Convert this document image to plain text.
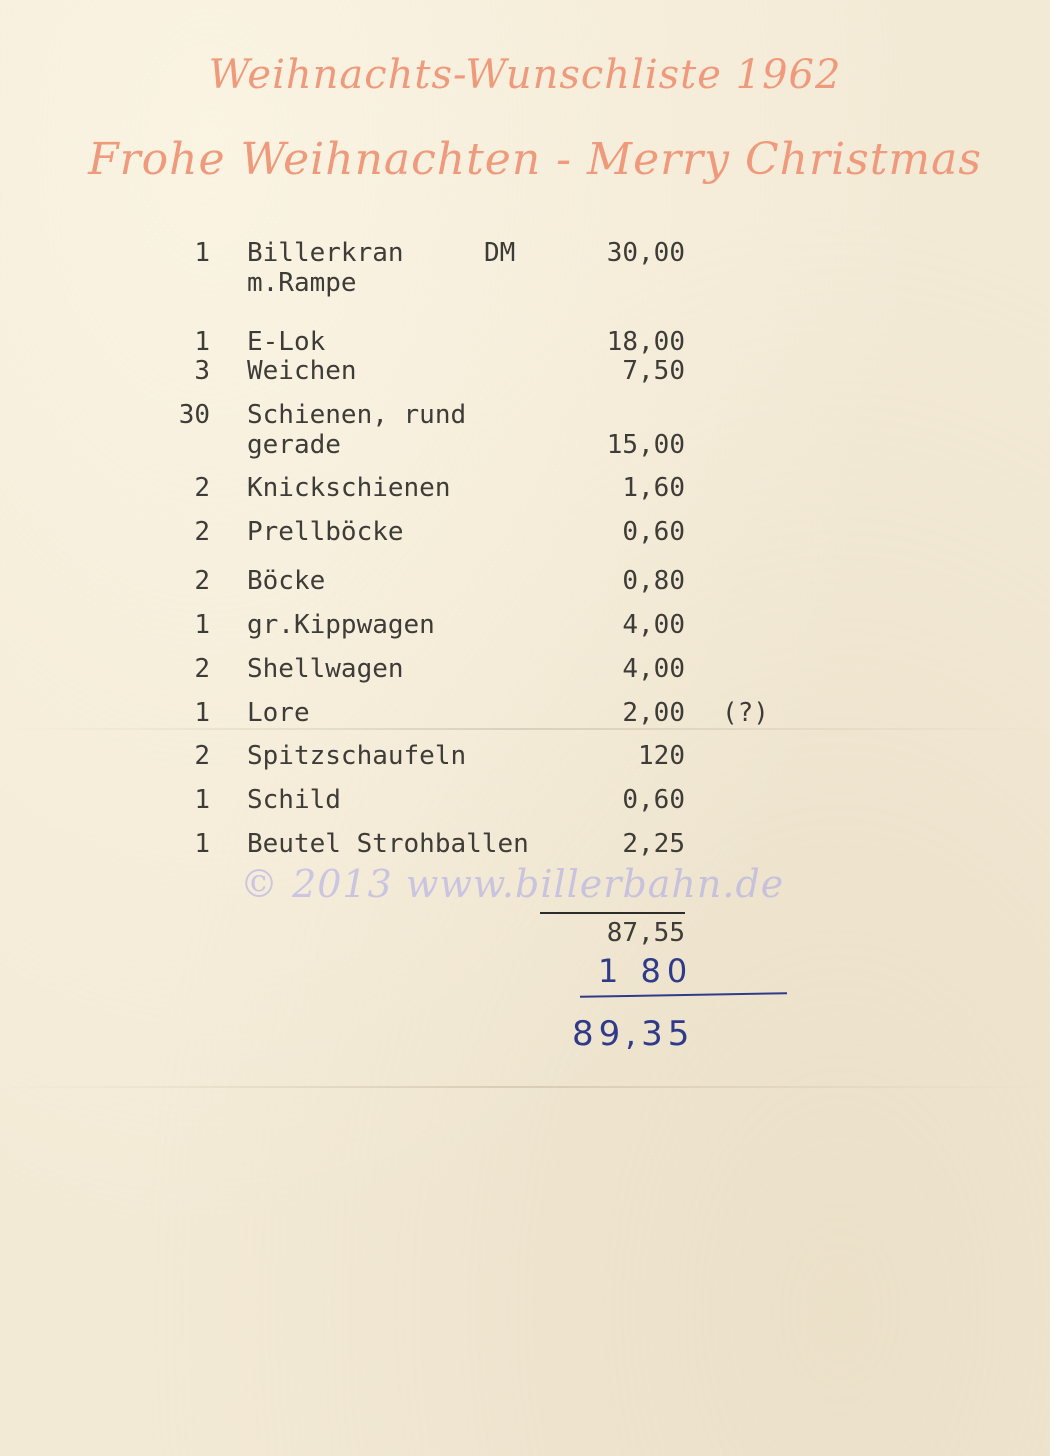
Weihnachts-Wunschliste 1962
Frohe Weihnachten - Merry Christmas
1 Billerkran	DM	30,00
m.Rampe
1 E-Lok	18,00
3 Weichen	7,50
30 Schienen, rund
gerade	15,00
2 Knickschienen	1,60
2 Prellböcke	0,60
2 Böcke	0,80
1 gr.Kippwagen	4,00
2 Shellwagen	4,00
1 Lore	2,00 (?)
2 Spitzschaufeln	120
1 Schild	0,60
1 Beutel Strohballen	2,25
© 2013 www.billerbahn.de
87,55
1 80
89,35
